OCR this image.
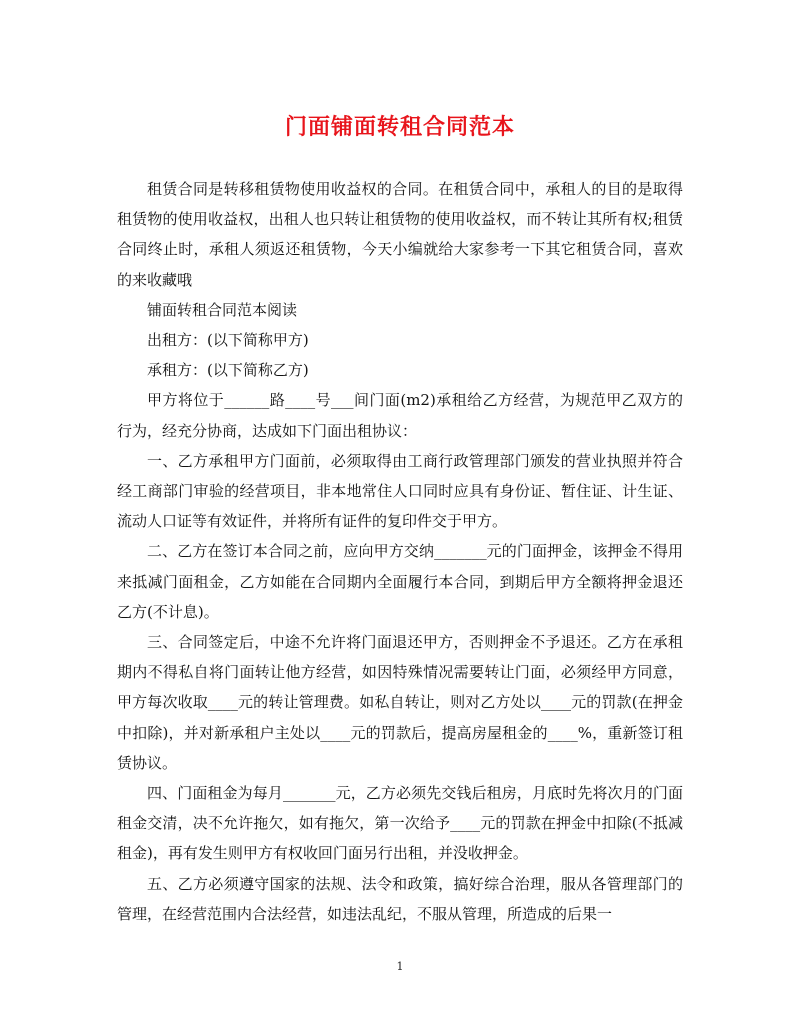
门面铺面转租合同范本

租赁合同是转移租赁物使用收益权的合同。在租赁合同中，承租人的目的是取得租赁物的使用收益权，出租人也只转让租赁物的使用收益权，而不转让其所有权;租赁合同终止时，承租人须返还租赁物，今天小编就给大家参考一下其它租赁合同，喜欢的来收藏哦

铺面转租合同范本阅读

出租方：(以下简称甲方)

承租方：(以下简称乙方)

甲方将位于______路____号___间门面(m2)承租给乙方经营，为规范甲乙双方的行为，经充分协商，达成如下门面出租协议：

一、乙方承租甲方门面前，必须取得由工商行政管理部门颁发的营业执照并符合经工商部门审验的经营项目，非本地常住人口同时应具有身份证、暂住证、计生证、流动人口证等有效证件，并将所有证件的复印件交于甲方。

二、乙方在签订本合同之前，应向甲方交纳_______元的门面押金，该押金不得用来抵减门面租金，乙方如能在合同期内全面履行本合同，到期后甲方全额将押金退还乙方(不计息)。

三、合同签定后，中途不允许将门面退还甲方，否则押金不予退还。乙方在承租期内不得私自将门面转让他方经营，如因特殊情况需要转让门面，必须经甲方同意，甲方每次收取____元的转让管理费。如私自转让，则对乙方处以____元的罚款(在押金中扣除)，并对新承租户主处以____元的罚款后，提高房屋租金的____%，重新签订租赁协议。

四、门面租金为每月_______元，乙方必须先交钱后租房，月底时先将次月的门面租金交清，决不允许拖欠，如有拖欠，第一次给予____元的罚款在押金中扣除(不抵减租金)，再有发生则甲方有权收回门面另行出租，并没收押金。

五、乙方必须遵守国家的法规、法令和政策，搞好综合治理，服从各管理部门的管理，在经营范围内合法经营，如违法乱纪，不服从管理，所造成的后果一

1
